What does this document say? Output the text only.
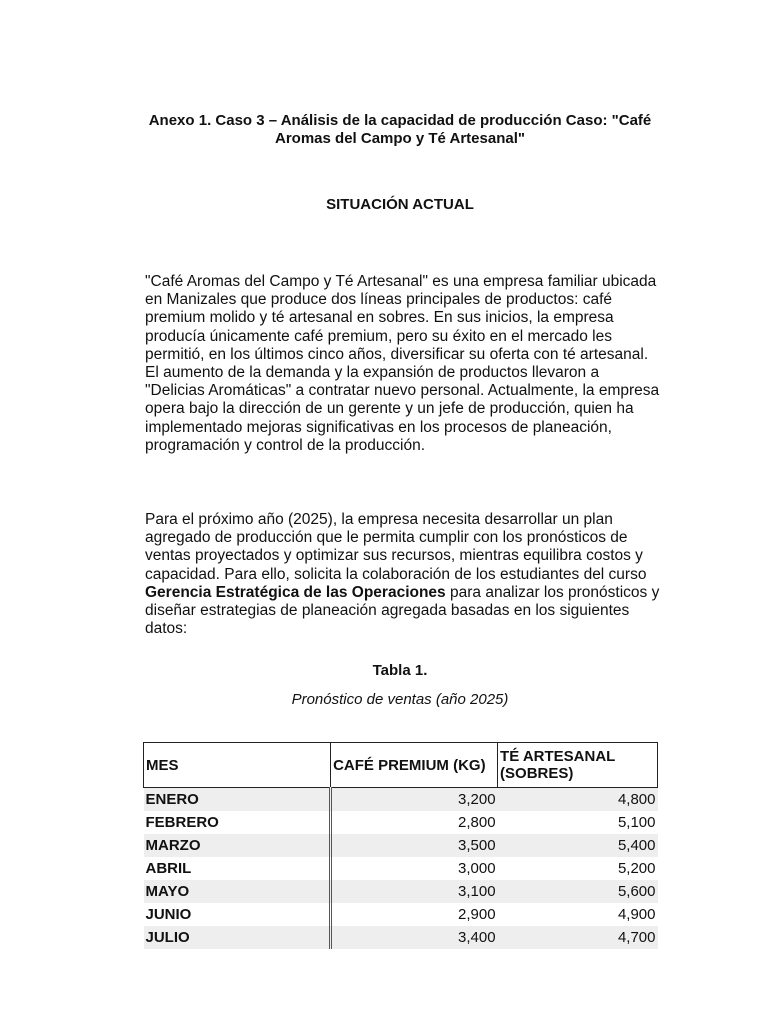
Anexo 1. Caso 3 – Análisis de la capacidad de producción Caso: "Café Aromas del Campo y Té Artesanal"
SITUACIÓN ACTUAL

"Café Aromas del Campo y Té Artesanal" es una empresa familiar ubicada en Manizales que produce dos líneas principales de productos: café premium molido y té artesanal en sobres. En sus inicios, la empresa producía únicamente café premium, pero su éxito en el mercado les permitió, en los últimos cinco años, diversificar su oferta con té artesanal. El aumento de la demanda y la expansión de productos llevaron a "Delicias Aromáticas" a contratar nuevo personal. Actualmente, la empresa opera bajo la dirección de un gerente y un jefe de producción, quien ha implementado mejoras significativas en los procesos de planeación, programación y control de la producción.

Para el próximo año (2025), la empresa necesita desarrollar un plan agregado de producción que le permita cumplir con los pronósticos de ventas proyectados y optimizar sus recursos, mientras equilibra costos y capacidad. Para ello, solicita la colaboración de los estudiantes del curso Gerencia Estratégica de las Operaciones para analizar los pronósticos y diseñar estrategias de planeación agregada basadas en los siguientes datos:

Tabla 1.
Pronóstico de ventas (año 2025)
MES	CAFÉ PREMIUM (KG)	TÉ ARTESANAL (SOBRES)
ENERO	3,200	4,800
FEBRERO	2,800	5,100
MARZO	3,500	5,400
ABRIL	3,000	5,200
MAYO	3,100	5,600
JUNIO	2,900	4,900
JULIO	3,400	4,700
